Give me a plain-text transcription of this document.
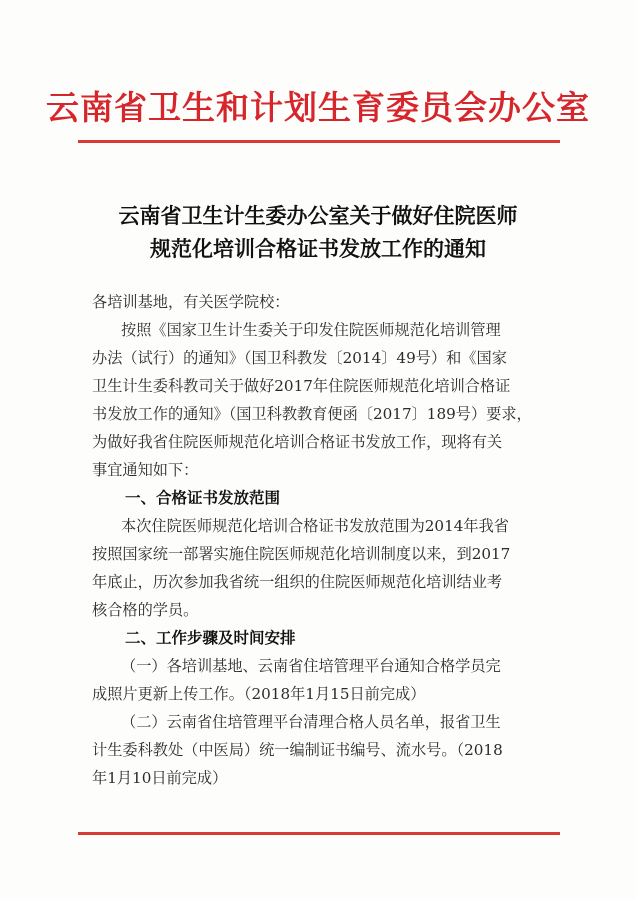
云南省卫生和计划生育委员会办公室
云南省卫生计生委办公室关于做好住院医师
规范化培训合格证书发放工作的通知
各培训基地，有关医学院校：
按照《国家卫生计生委关于印发住院医师规范化培训管理
办法（试行）的通知》（国卫科教发〔2014〕49号）和《国家
卫生计生委科教司关于做好2017年住院医师规范化培训合格证
书发放工作的通知》（国卫科教教育便函〔2017〕189号）要求，
为做好我省住院医师规范化培训合格证书发放工作，现将有关
事宜通知如下：
一、合格证书发放范围
本次住院医师规范化培训合格证书发放范围为2014年我省
按照国家统一部署实施住院医师规范化培训制度以来，到2017
年底止，历次参加我省统一组织的住院医师规范化培训结业考
核合格的学员。
二、工作步骤及时间安排
（一）各培训基地、云南省住培管理平台通知合格学员完
成照片更新上传工作。（2018年1月15日前完成）
（二）云南省住培管理平台清理合格人员名单，报省卫生
计生委科教处（中医局）统一编制证书编号、流水号。（2018
年1月10日前完成）
